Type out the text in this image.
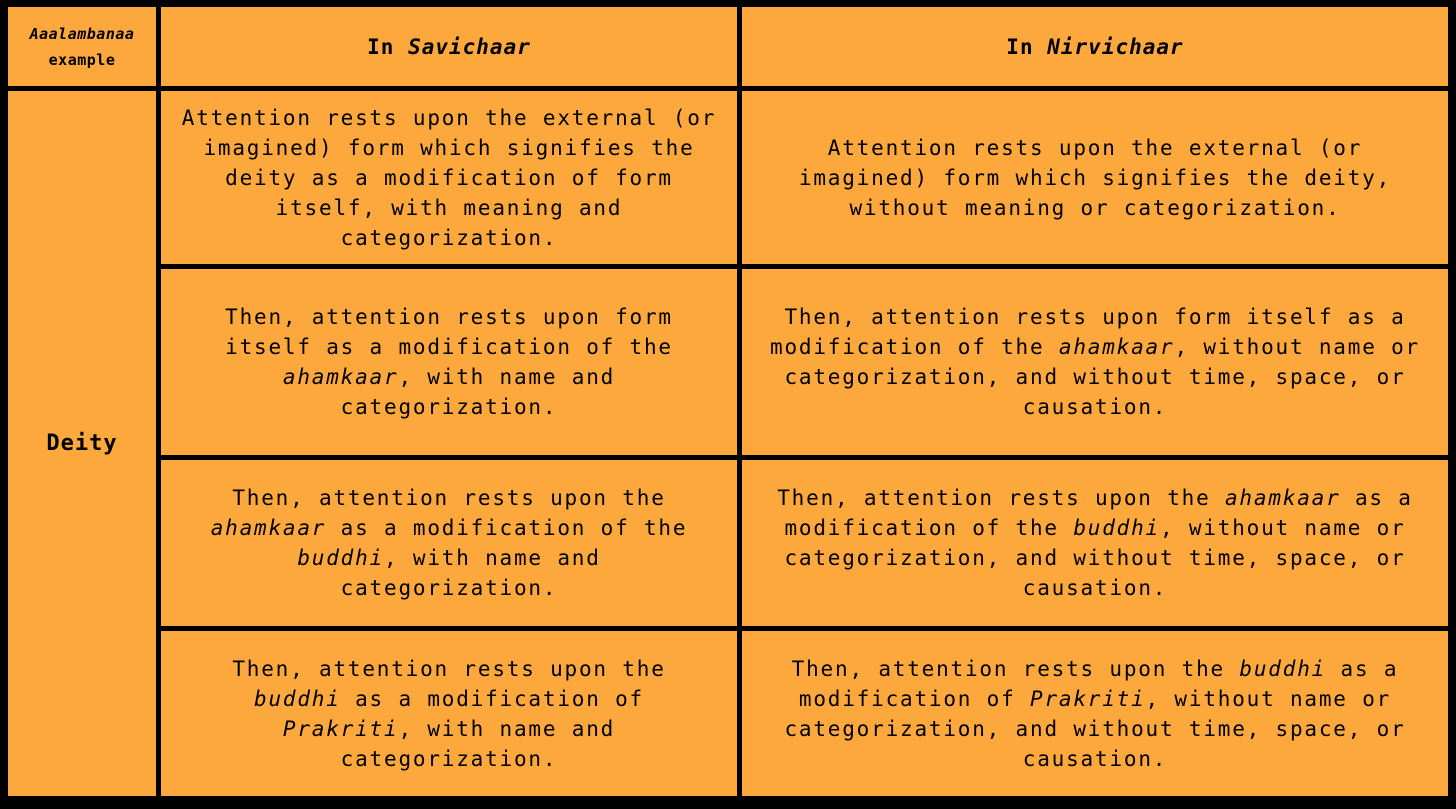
Aaalambanaa
example
In
Savichaar	In
Nirvichaar
Deity

Attention rests upon the external (or imagined) form which signifies the deity as a modification of form itself, with meaning and categorization.

Attention rests upon the external (or imagined) form which signifies the deity, without meaning or categorization.

Then, attention rests upon form itself as a modification of the ahamkaar, with name and categorization.

Then, attention rests upon form itself as a modification of the ahamkaar, without name or categorization, and without time, space, or causation.

Then, attention rests upon the ahamkaar as a modification of the buddhi, with name and categorization.

Then, attention rests upon the ahamkaar as a modification of the buddhi, without name or categorization, and without time, space, or causation.

Then, attention rests upon the buddhi as a modification of Prakriti, with name and categorization.

Then, attention rests upon the buddhi as a modification of Prakriti, without name or categorization, and without time, space, or causation.
